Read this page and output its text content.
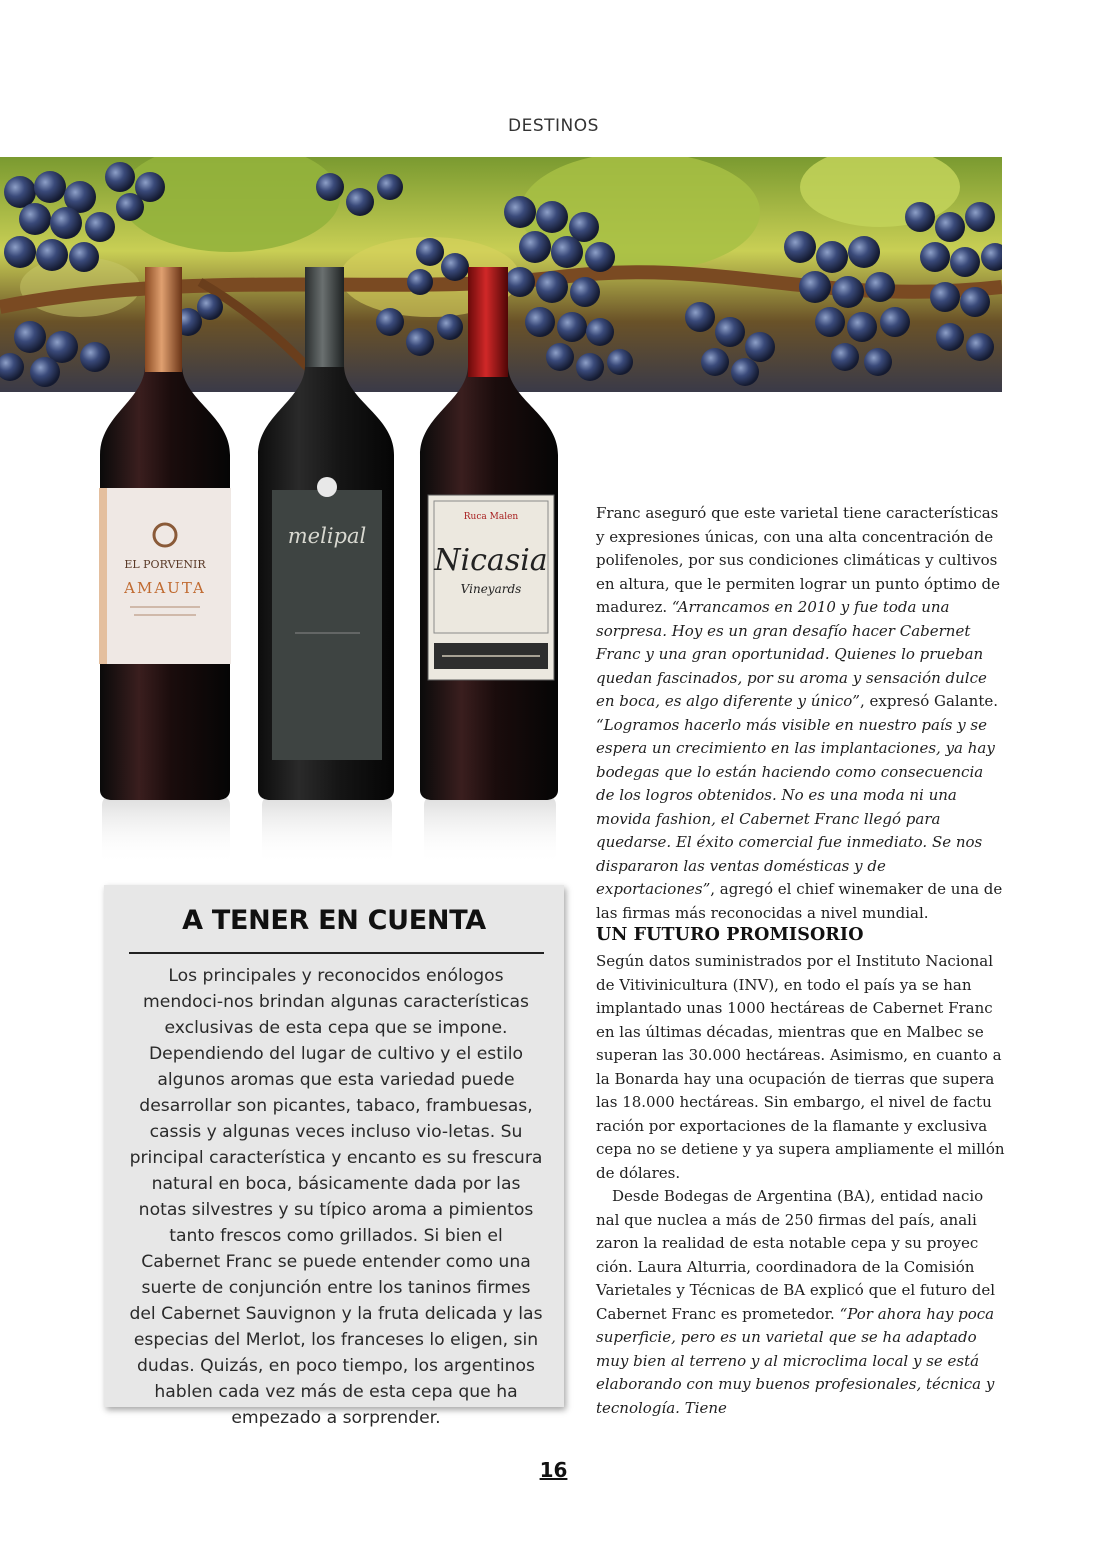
DESTINOS
EL PORVENIR
AMAUTA
melipal
Ruca Malen
Nicasia
Vineyards
A TENER EN CUENTA
Los principales y reconocidos enólogos mendoci-nos brindan algunas características exclusivas de esta cepa que se impone. Dependiendo del lugar de cultivo y el estilo algunos aromas que esta variedad puede desarrollar son picantes, tabaco, frambuesas, cassis y algunas veces incluso vio-letas. Su principal característica y encanto es su frescura natural en boca, básicamente dada por las notas silvestres y su típico aroma a pimientos tanto frescos como grillados. Si bien el Cabernet Franc se puede entender como una suerte de conjunción entre los taninos firmes del Cabernet Sauvignon y la fruta delicada y las especias del Merlot, los franceses lo eligen, sin dudas. Quizás, en poco tiempo, los argentinos hablen cada vez más de esta cepa que ha empezado a sorprender.

Franc aseguró que este varietal tiene características y expresiones únicas, con una alta concentración de polifenoles, por sus condiciones climáticas y cultivos en altura, que le permiten lograr un punto óptimo de madurez. “Arrancamos en 2010 y fue toda una sorpresa. Hoy es un gran desafío hacer Cabernet Franc y una gran oportunidad. Quienes lo prueban quedan fascinados, por su aroma y sensación dulce en boca, es algo diferente y único”, expresó Galante. “Logramos hacerlo más visible en nuestro país y se espera un crecimiento en las implantaciones, ya hay bodegas que lo están haciendo como consecuencia de los logros obtenidos. No es una moda ni una movida fashion, el Cabernet Franc llegó para quedarse. El éxito comercial fue inmediato. Se nos dispararon las ventas domésticas y de exportaciones”, agregó el chief winemaker de una de las firmas más reconocidas a nivel mundial.

UN FUTURO PROMISORIO

Según datos suministrados por el Instituto Nacional de Vitivinicultura (INV), en todo el país ya se han implantado unas 1000 hectáreas de Cabernet Franc en las últimas décadas, mientras que en Malbec se superan las 30.000 hectáreas. Asimismo, en cuanto a la Bonarda hay una ocupación de tierras que supera las 18.000 hectáreas. Sin embargo, el nivel de factu ración por exportaciones de la flamante y exclusiva cepa no se detiene y ya supera ampliamente el millón de dólares.

Desde Bodegas de Argentina (BA), entidad nacio nal que nuclea a más de 250 firmas del país, anali zaron la realidad de esta notable cepa y su proyec ción. Laura Alturria, coordinadora de la Comisión Varietales y Técnicas de BA explicó que el futuro del Cabernet Franc es prometedor. “Por ahora hay poca superficie, pero es un varietal que se ha adaptado muy bien al terreno y al microclima local y se está elaborando con muy buenos profesionales, técnica y tecnología. Tiene

16
